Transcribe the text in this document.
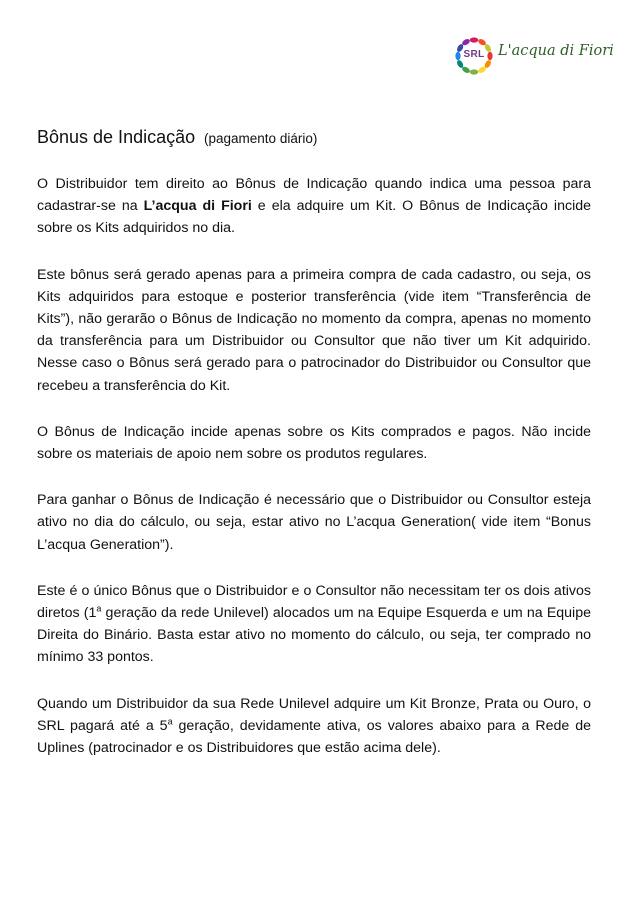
SRL L'acqua di Fiori
Bônus de Indicação (pagamento diário)

O Distribuidor tem direito ao Bônus de Indicação quando indica uma pessoa para cadastrar-se na L’acqua di Fiori e ela adquire um Kit. O Bônus de Indicação incide sobre os Kits adquiridos no dia.

Este bônus será gerado apenas para a primeira compra de cada cadastro, ou seja, os Kits adquiridos para estoque e posterior transferência (vide item “Transferência de Kits”), não gerarão o Bônus de Indicação no momento da compra, apenas no momento da transferência para um Distribuidor ou Consultor que não tiver um Kit adquirido. Nesse caso o Bônus será gerado para o patrocinador do Distribuidor ou Consultor que recebeu a transferência do Kit.

O Bônus de Indicação incide apenas sobre os Kits comprados e pagos. Não incide sobre os materiais de apoio nem sobre os produtos regulares.

Para ganhar o Bônus de Indicação é necessário que o Distribuidor ou Consultor esteja ativo no dia do cálculo, ou seja, estar ativo no L’acqua Generation( vide item “Bonus L’acqua Generation”).

Este é o único Bônus que o Distribuidor e o Consultor não necessitam ter os dois ativos diretos (1$^a$ geração da rede Unilevel) alocados um na Equipe Esquerda e um na Equipe Direita do Binário. Basta estar ativo no momento do cálculo, ou seja, ter comprado no mínimo 33 pontos.

Quando um Distribuidor da sua Rede Unilevel adquire um Kit Bronze, Prata ou Ouro, o SRL pagará até a 5$^a$ geração, devidamente ativa, os valores abaixo para a Rede de Uplines (patrocinador e os Distribuidores que estão acima dele).
